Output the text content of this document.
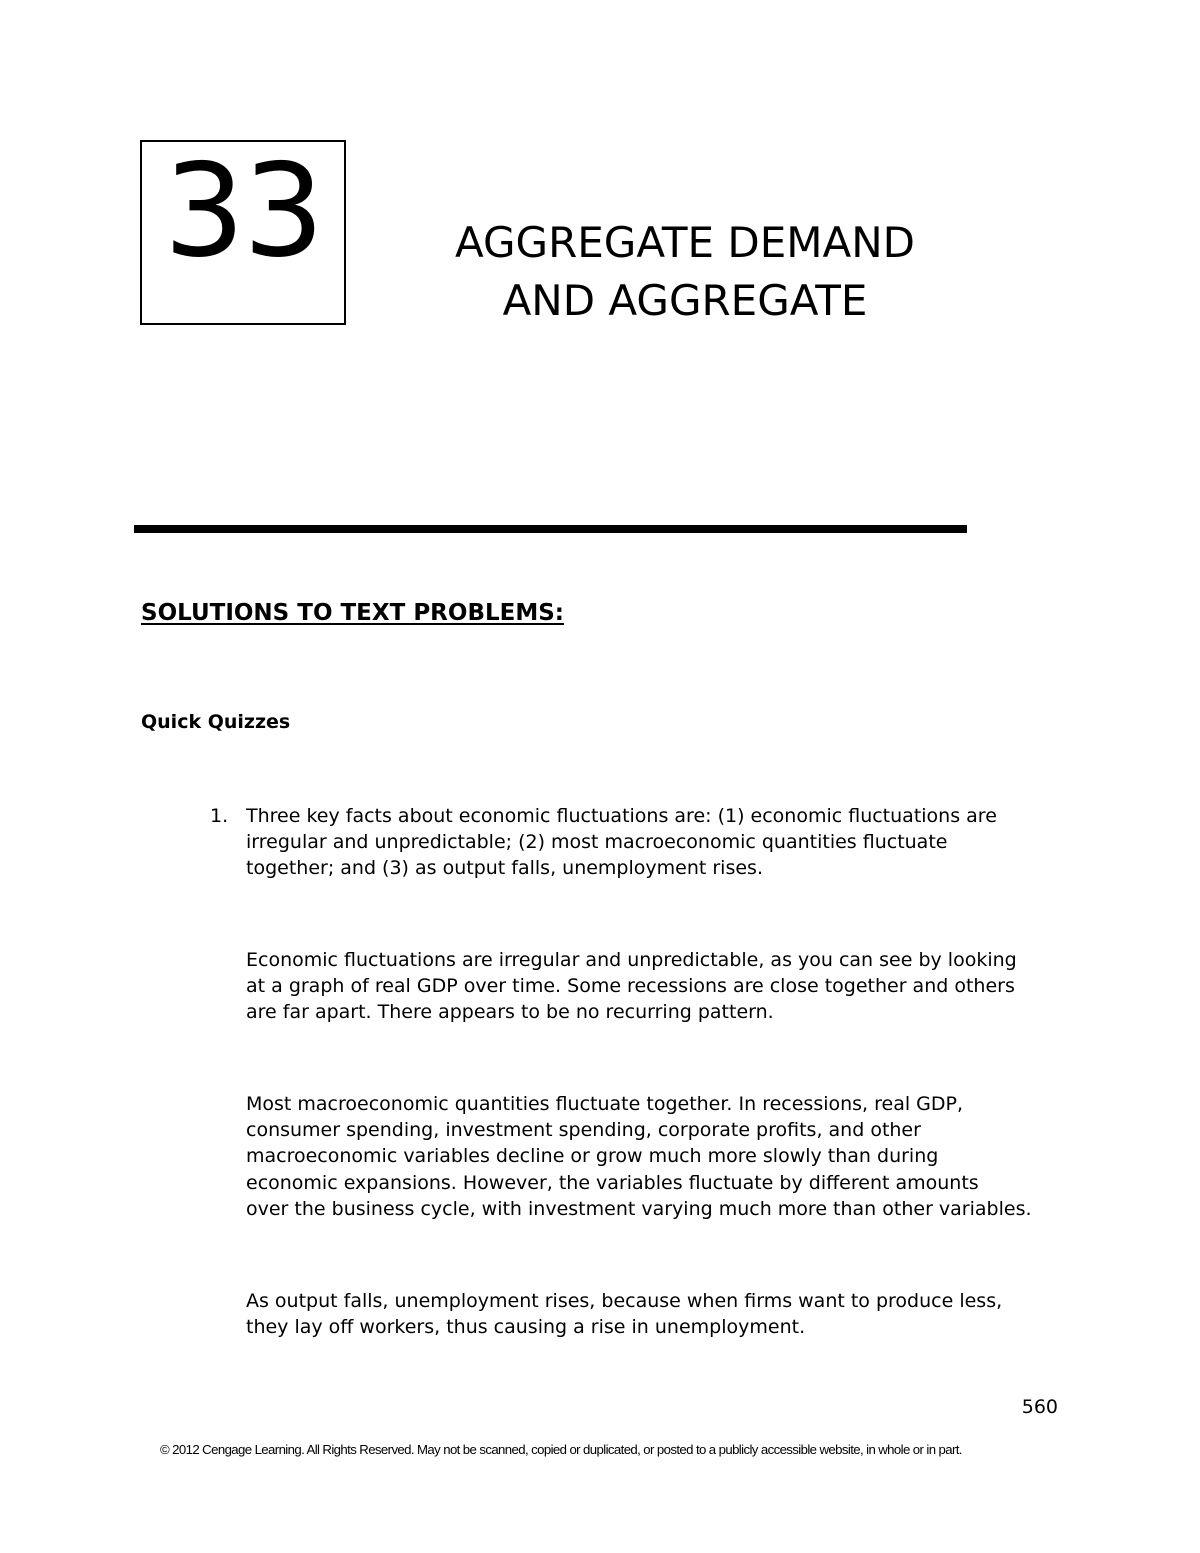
33	AGGREGATE DEMAND
AND AGGREGATE
SOLUTIONS TO TEXT PROBLEMS:
Quick Quizzes
1. Three key facts about economic fluctuations are: (1) economic fluctuations are
irregular and unpredictable; (2) most macroeconomic quantities fluctuate
together; and (3) as output falls, unemployment rises.
Economic fluctuations are irregular and unpredictable, as you can see by looking
at a graph of real GDP over time. Some recessions are close together and others
are far apart. There appears to be no recurring pattern.
Most macroeconomic quantities fluctuate together. In recessions, real GDP,
consumer spending, investment spending, corporate profits, and other
macroeconomic variables decline or grow much more slowly than during
economic expansions. However, the variables fluctuate by different amounts
over the business cycle, with investment varying much more than other variables.
As output falls, unemployment rises, because when firms want to produce less,
they lay off workers, thus causing a rise in unemployment.
560
© 2012 Cengage Learning. All Rights Reserved. May not be scanned, copied or duplicated, or posted to a publicly accessible website, in whole or in part.
